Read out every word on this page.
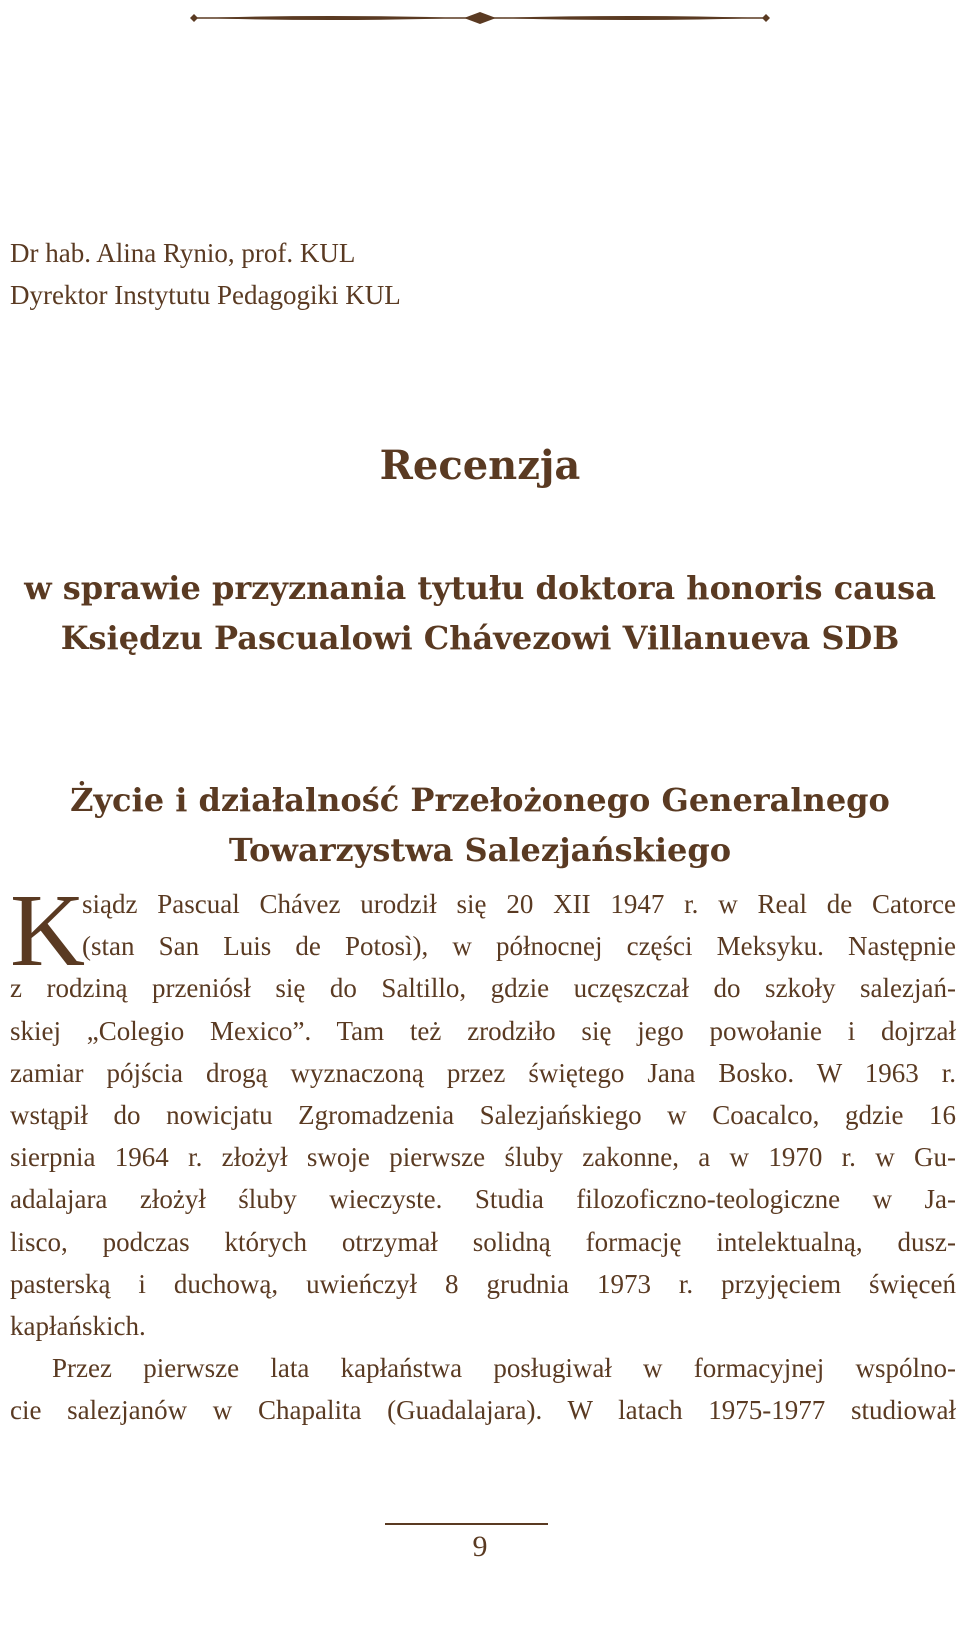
Dr hab. Alina Rynio, prof. KUL
Dyrektor Instytutu Pedagogiki KUL
Recenzja
w sprawie przyznania tytułu doktora honoris causa
Księdzu Pascualowi Chávezowi Villanueva SDB
Życie i działalność Przełożonego Generalnego
Towarzystwa Salezjańskiego
K
siądz Pascual Chávez urodził się 20 XII 1947 r. w Real de Catorce
(stan San Luis de Potosì), w północnej części Meksyku. Następnie
z rodziną przeniósł się do Saltillo, gdzie uczęszczał do szkoły salezjań-
skiej „Colegio Mexico”. Tam też zrodziło się jego powołanie i dojrzał
zamiar pójścia drogą wyznaczoną przez świętego Jana Bosko. W 1963 r.
wstąpił do nowicjatu Zgromadzenia Salezjańskiego w Coacalco, gdzie 16
sierpnia 1964 r. złożył swoje pierwsze śluby zakonne, a w 1970 r. w Gu-
adalajara złożył śluby wieczyste. Studia filozoficzno-teologiczne w Ja-
lisco, podczas których otrzymał solidną formację intelektualną, dusz-
pasterską i duchową, uwieńczył 8 grudnia 1973 r. przyjęciem święceń
kapłańskich.
Przez pierwsze lata kapłaństwa posługiwał w formacyjnej wspólno-
cie salezjanów w Chapalita (Guadalajara). W latach 1975-1977 studiował
9
